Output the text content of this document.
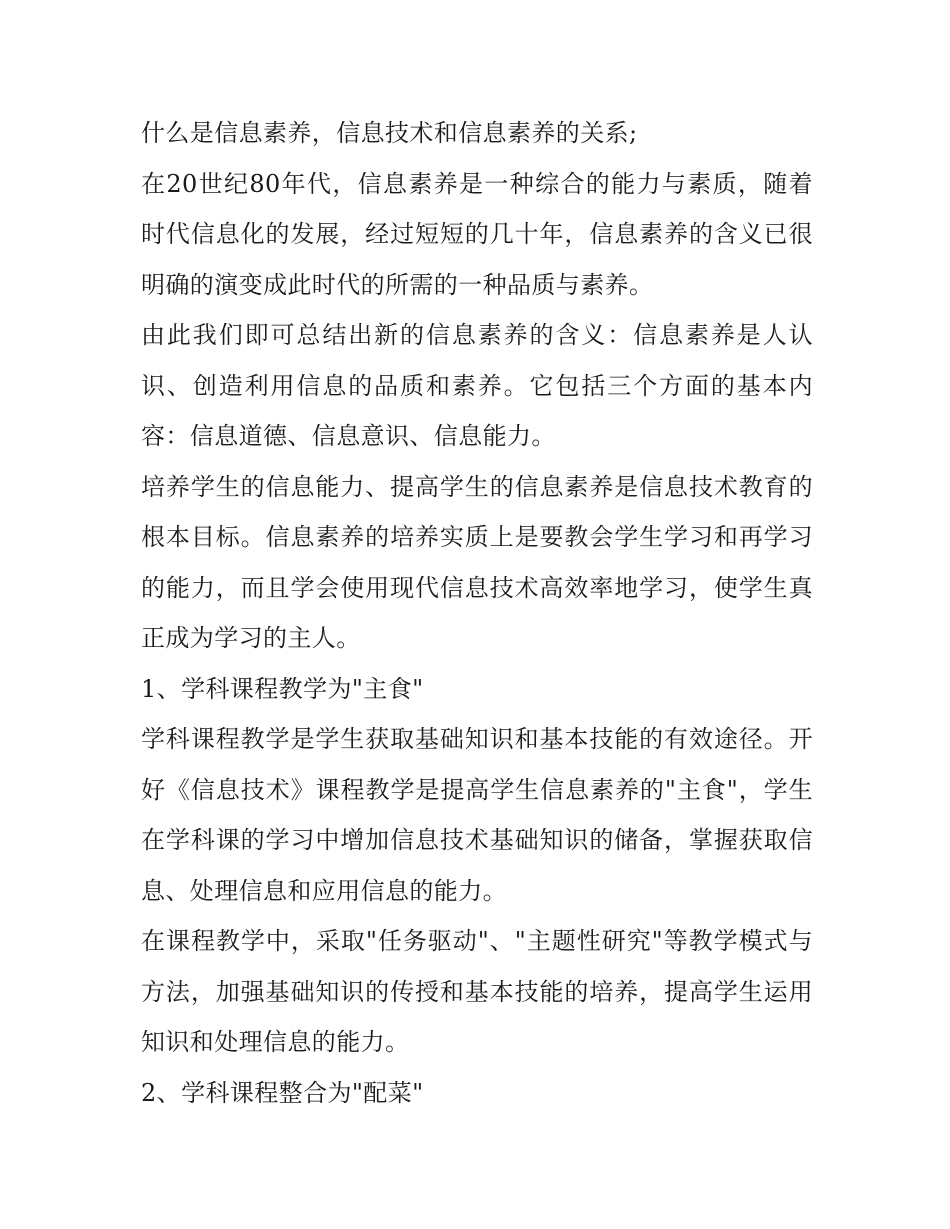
什么是信息素养，信息技术和信息素养的关系;

在20世纪80年代，信息素养是一种综合的能力与素质，随着时代信息化的发展，经过短短的几十年，信息素养的含义已很明确的演变成此时代的所需的一种品质与素养。

由此我们即可总结出新的信息素养的含义：信息素养是人认识、创造利用信息的品质和素养。它包括三个方面的基本内容：信息道德、信息意识、信息能力。

培养学生的信息能力、提高学生的信息素养是信息技术教育的根本目标。信息素养的培养实质上是要教会学生学习和再学习的能力，而且学会使用现代信息技术高效率地学习，使学生真正成为学习的主人。

1、学科课程教学为"主食"

学科课程教学是学生获取基础知识和基本技能的有效途径。开好《信息技术》课程教学是提高学生信息素养的"主食"，学生在学科课的学习中增加信息技术基础知识的储备，掌握获取信息、处理信息和应用信息的能力。

在课程教学中，采取"任务驱动"、"主题性研究"等教学模式与方法，加强基础知识的传授和基本技能的培养，提高学生运用知识和处理信息的能力。

2、学科课程整合为"配菜"
